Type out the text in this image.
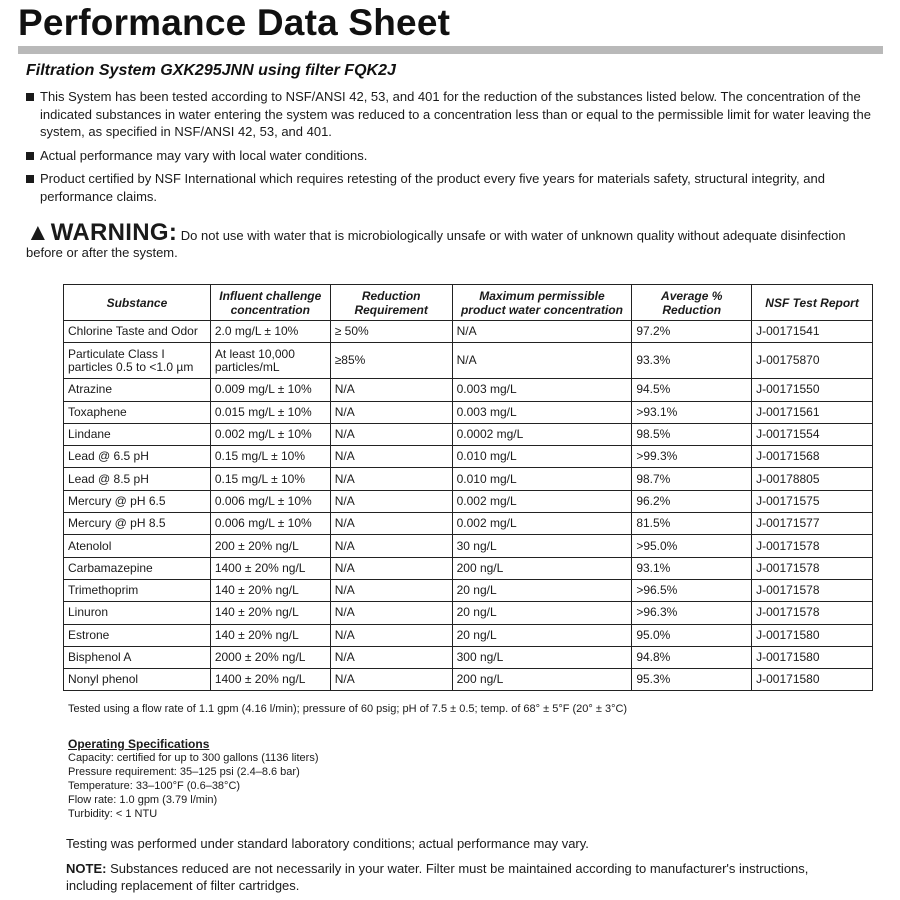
Performance Data Sheet
Filtration System GXK295JNN using filter FQK2J
This System has been tested according to NSF/ANSI 42, 53, and 401 for the reduction of the substances listed below. The concentration of the indicated substances in water entering the system was reduced to a concentration less than or equal to the permissible limit for water leaving the system, as specified in NSF/ANSI 42, 53, and 401.
Actual performance may vary with local water conditions.
Product certified by NSF International which requires retesting of the product every five years for materials safety, structural integrity, and performance claims.
▲WARNING: Do not use with water that is microbiologically unsafe or with water of unknown quality without adequate disinfection before or after the system.
Substance	Influent challenge concentration	Reduction Requirement	Maximum permissible product water concentration	Average % Reduction	NSF Test Report
Chlorine Taste and Odor	2.0 mg/L ± 10%	≥ 50%	N/A	97.2%	J-00171541
Particulate Class I particles 0.5 to <1.0 µm	At least 10,000 particles/mL	≥85%	N/A	93.3%	J-00175870
Atrazine	0.009 mg/L ± 10%	N/A	0.003 mg/L	94.5%	J-00171550
Toxaphene	0.015 mg/L ± 10%	N/A	0.003 mg/L	>93.1%	J-00171561
Lindane	0.002 mg/L ± 10%	N/A	0.0002 mg/L	98.5%	J-00171554
Lead @ 6.5 pH	0.15 mg/L ± 10%	N/A	0.010 mg/L	>99.3%	J-00171568
Lead @ 8.5 pH	0.15 mg/L ± 10%	N/A	0.010 mg/L	98.7%	J-00178805
Mercury @ pH 6.5	0.006 mg/L ± 10%	N/A	0.002 mg/L	96.2%	J-00171575
Mercury @ pH 8.5	0.006 mg/L ± 10%	N/A	0.002 mg/L	81.5%	J-00171577
Atenolol	200 ± 20% ng/L	N/A	30 ng/L	>95.0%	J-00171578
Carbamazepine	1400 ± 20% ng/L	N/A	200 ng/L	93.1%	J-00171578
Trimethoprim	140 ± 20% ng/L	N/A	20 ng/L	>96.5%	J-00171578
Linuron	140 ± 20% ng/L	N/A	20 ng/L	>96.3%	J-00171578
Estrone	140 ± 20% ng/L	N/A	20 ng/L	95.0%	J-00171580
Bisphenol A	2000 ± 20% ng/L	N/A	300 ng/L	94.8%	J-00171580
Nonyl phenol	1400 ± 20% ng/L	N/A	200 ng/L	95.3%	J-00171580
Tested using a flow rate of 1.1 gpm (4.16 l/min); pressure of 60 psig; pH of 7.5 ± 0.5; temp. of 68° ± 5°F (20° ± 3°C)
Operating Specifications
Capacity: certified for up to 300 gallons (1136 liters)
Pressure requirement: 35–125 psi (2.4–8.6 bar)
Temperature: 33–100°F (0.6–38°C)
Flow rate: 1.0 gpm (3.79 l/min)
Turbidity: < 1 NTU
Testing was performed under standard laboratory conditions; actual performance may vary.
NOTE: Substances reduced are not necessarily in your water. Filter must be maintained according to manufacturer's instructions, including replacement of filter cartridges.
